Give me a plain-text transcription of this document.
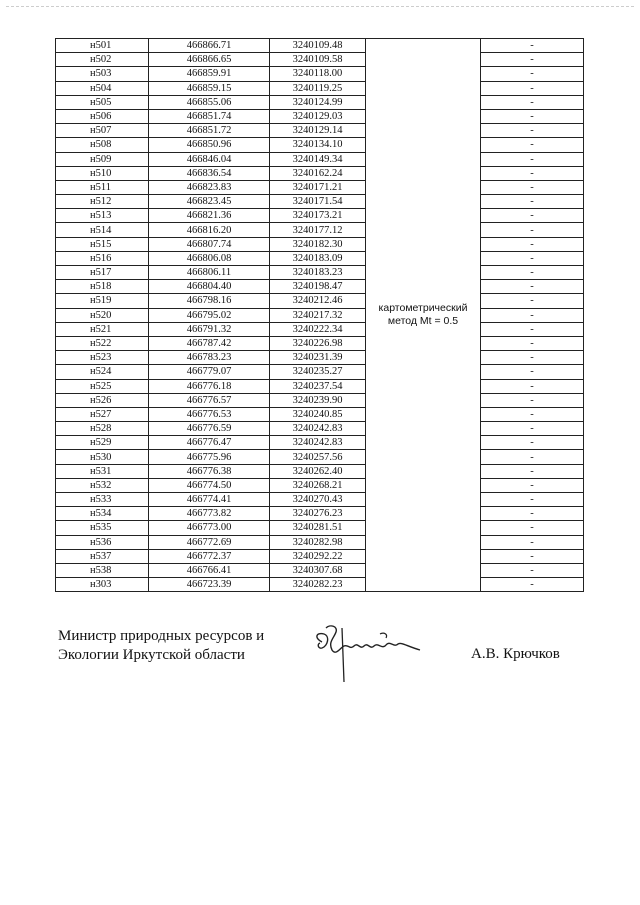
н501	466866.71	3240109.48	картометрический
метод Mt = 0.5	-
н502	466866.65	3240109.58		-
н503	466859.91	3240118.00		-
н504	466859.15	3240119.25		-
н505	466855.06	3240124.99		-
н506	466851.74	3240129.03		-
н507	466851.72	3240129.14		-
н508	466850.96	3240134.10		-
н509	466846.04	3240149.34		-
н510	466836.54	3240162.24		-
н511	466823.83	3240171.21		-
н512	466823.45	3240171.54		-
н513	466821.36	3240173.21		-
н514	466816.20	3240177.12		-
н515	466807.74	3240182.30		-
н516	466806.08	3240183.09		-
н517	466806.11	3240183.23		-
н518	466804.40	3240198.47		-
н519	466798.16	3240212.46		-
н520	466795.02	3240217.32		-
н521	466791.32	3240222.34		-
н522	466787.42	3240226.98		-
н523	466783.23	3240231.39		-
н524	466779.07	3240235.27		-
н525	466776.18	3240237.54		-
н526	466776.57	3240239.90		-
н527	466776.53	3240240.85		-
н528	466776.59	3240242.83		-
н529	466776.47	3240242.83		-
н530	466775.96	3240257.56		-
н531	466776.38	3240262.40		-
н532	466774.50	3240268.21		-
н533	466774.41	3240270.43		-
н534	466773.82	3240276.23		-
н535	466773.00	3240281.51		-
н536	466772.69	3240282.98		-
н537	466772.37	3240292.22		-
н538	466766.41	3240307.68		-
н303	466723.39	3240282.23		-
Министр природных ресурсов и
Экологии Иркутской области	А.В. Крючков
